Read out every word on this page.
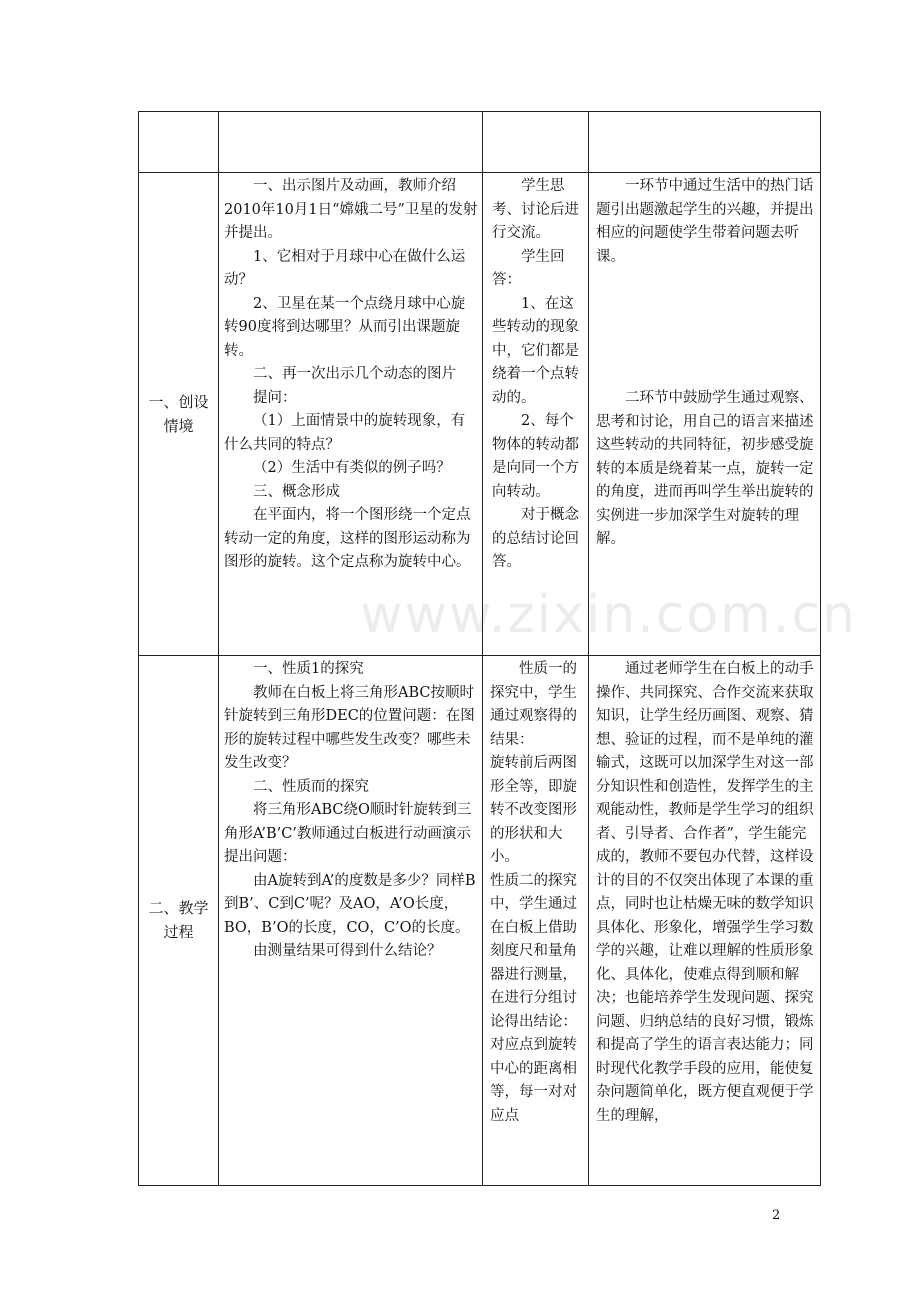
www.zixin.com.cn
一、创设情境

一、出示图片及动画，教师介绍2010年10月1日“嫦娥二号”卫星的发射并提出。

1、它相对于月球中心在做什么运动？

2、卫星在某一个点绕月球中心旋转90度将到达哪里？从而引出课题旋转。

二、再一次出示几个动态的图片

提问：

（1）上面情景中的旋转现象，有什么共同的特点？

（2）生活中有类似的例子吗？

三、概念形成

在平面内，将一个图形绕一个定点转动一定的角度，这样的图形运动称为图形的旋转。这个定点称为旋转中心。

学生思考、讨论后进行交流。

学生回答：

1、在这些转动的现象中，它们都是绕着一个点转动的。

2、每个物体的转动都是向同一个方向转动。

对于概念的总结讨论回答。

一环节中通过生活中的热门话题引出题激起学生的兴趣，并提出相应的问题使学生带着问题去听课。

二环节中鼓励学生通过观察、思考和讨论，用自己的语言来描述这些转动的共同特征，初步感受旋　转的本质是绕着某一点，旋转一定的角度，进而再叫学生举出旋转的实例进一步加深学生对旋转的理解。

二、教学过程

一、性质1的探究

教师在白板上将三角形ABC按顺时针旋转到三角形DEC的位置问题：在图形的旋转过程中哪些发生改变？哪些未发生改变？

二、性质而的探究

将三角形ABC绕O顺时针旋转到三角形A’B’C’教师通过白板进行动画演示提出问题：

由A旋转到A’的度数是多少？同样B到B’、C到C’呢？及AO，A’O长度，BO，B’O的长度，CO，C’O的长度。

由测量结果可得到什么结论？

性质一的探究中，学生通过观察得的结果：

旋转前后两图形全等，即旋转不改变图形的形状和大小。

性质二的探究中，学生通过在白板上借助刻度尺和量角器进行测量，在进行分组讨论得出结论：

对应点到旋转中心的距离相等，每一对对应点

通过老师学生在白板上的动手操作、共同探究、合作交流来获取知识，让学生经历画图、观察、猜想、验证的过程，而不是单纯的灌输式，这既可以加深学生对这一部分知识性和创造性，发挥学生的主观能动性，教师是学生学习的组织者、引导者、合作者”，学生能完成的，教师不要包办代替，这样设计的目的不仅突出体现了本课的重点，同时也让枯燥无味的数学知识具体化、形象化，增强学生学习数学的兴趣，让难以理解的性质形象化、具体化，使难点得到顺和解决；也能培养学生发现问题、探究问题、归纳总结的良好习惯，锻炼和提高了学生的语言表达能力；同时现代化教学手段的应用，能使复杂问题简单化，既方便直观便于学生的理解，

2
